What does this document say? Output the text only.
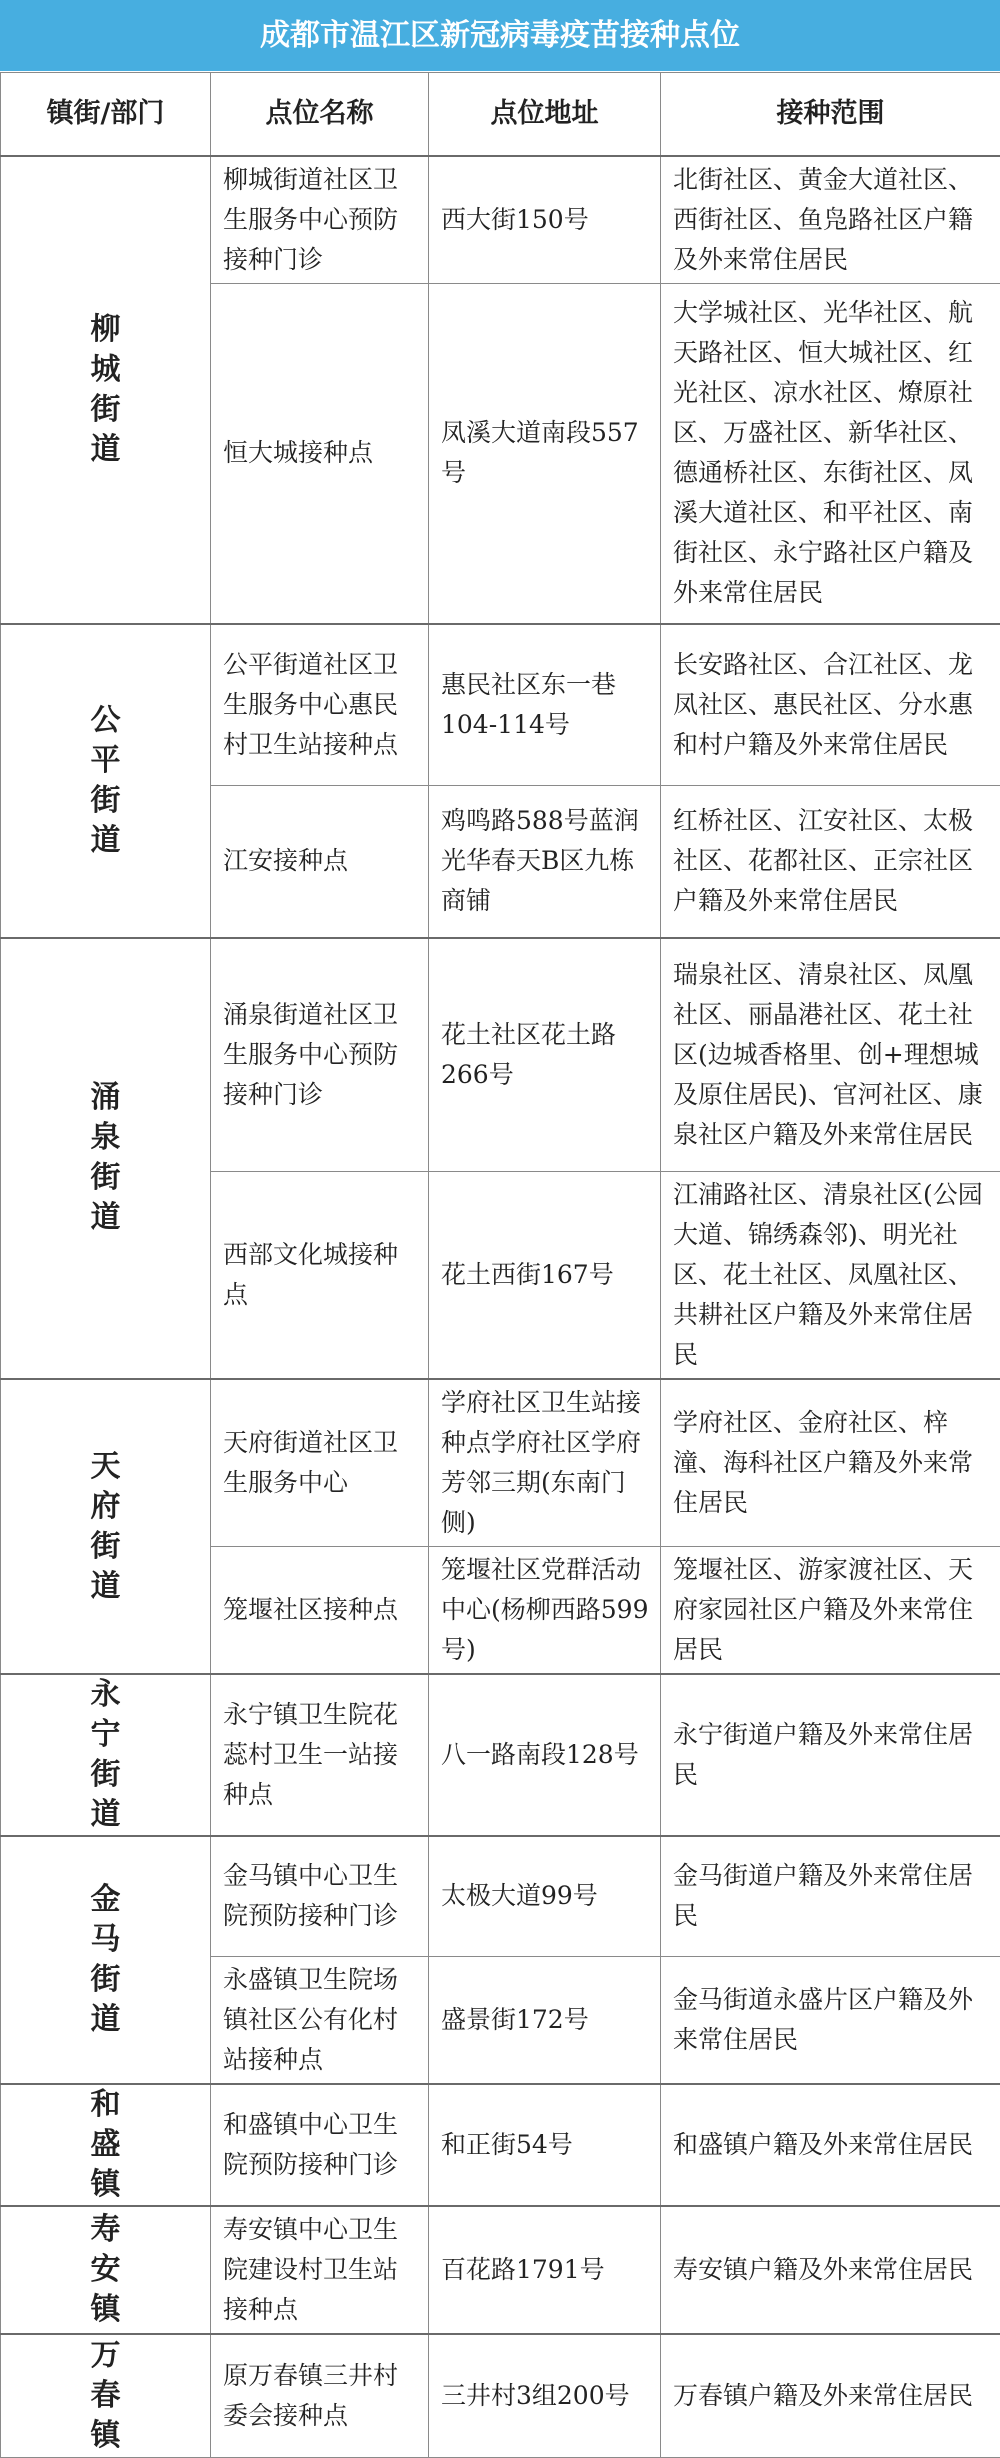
成都市温江区新冠病毒疫苗接种点位
镇街/部门	点位名称	点位地址	接种范围
柳城街道	柳城街道社区卫生服务中心预防接种门诊	西大街150号	北街社区、黄金大道社区、西街社区、鱼凫路社区户籍及外来常住居民
	恒大城接种点	凤溪大道南段557号	大学城社区、光华社区、航天路社区、恒大城社区、红光社区、凉水社区、燎原社区、万盛社区、新华社区、德通桥社区、东街社区、凤溪大道社区、和平社区、南街社区、永宁路社区户籍及外来常住居民
公平街道	公平街道社区卫生服务中心惠民村卫生站接种点	惠民社区东一巷104-114号	长安路社区、合江社区、龙凤社区、惠民社区、分水惠和村户籍及外来常住居民
	江安接种点	鸡鸣路588号蓝润光华春天B区九栋商铺	红桥社区、江安社区、太极社区、花都社区、正宗社区户籍及外来常住居民
涌泉街道	涌泉街道社区卫生服务中心预防接种门诊	花土社区花土路266号	瑞泉社区、清泉社区、凤凰社区、丽晶港社区、花土社区(边城香格里、创+理想城及原住居民)、官河社区、康泉社区户籍及外来常住居民
	西部文化城接种点	花土西街167号	江浦路社区、清泉社区(公园大道、锦绣森邻)、明光社区、花土社区、凤凰社区、共耕社区户籍及外来常住居民
天府街道	天府街道社区卫生服务中心	学府社区卫生站接种点学府社区学府芳邻三期(东南门侧)	学府社区、金府社区、梓潼、海科社区户籍及外来常住居民
	笼堰社区接种点	笼堰社区党群活动中心(杨柳西路599号)	笼堰社区、游家渡社区、天府家园社区户籍及外来常住居民
永宁街道	永宁镇卫生院花蕊村卫生一站接种点	八一路南段128号	永宁街道户籍及外来常住居民
金马街道	金马镇中心卫生院预防接种门诊	太极大道99号	金马街道户籍及外来常住居民
	永盛镇卫生院场镇社区公有化村站接种点	盛景街172号	金马街道永盛片区户籍及外来常住居民
和盛镇	和盛镇中心卫生院预防接种门诊	和正街54号	和盛镇户籍及外来常住居民
寿安镇	寿安镇中心卫生院建设村卫生站接种点	百花路1791号	寿安镇户籍及外来常住居民
万春镇	原万春镇三井村委会接种点	三井村3组200号	万春镇户籍及外来常住居民
